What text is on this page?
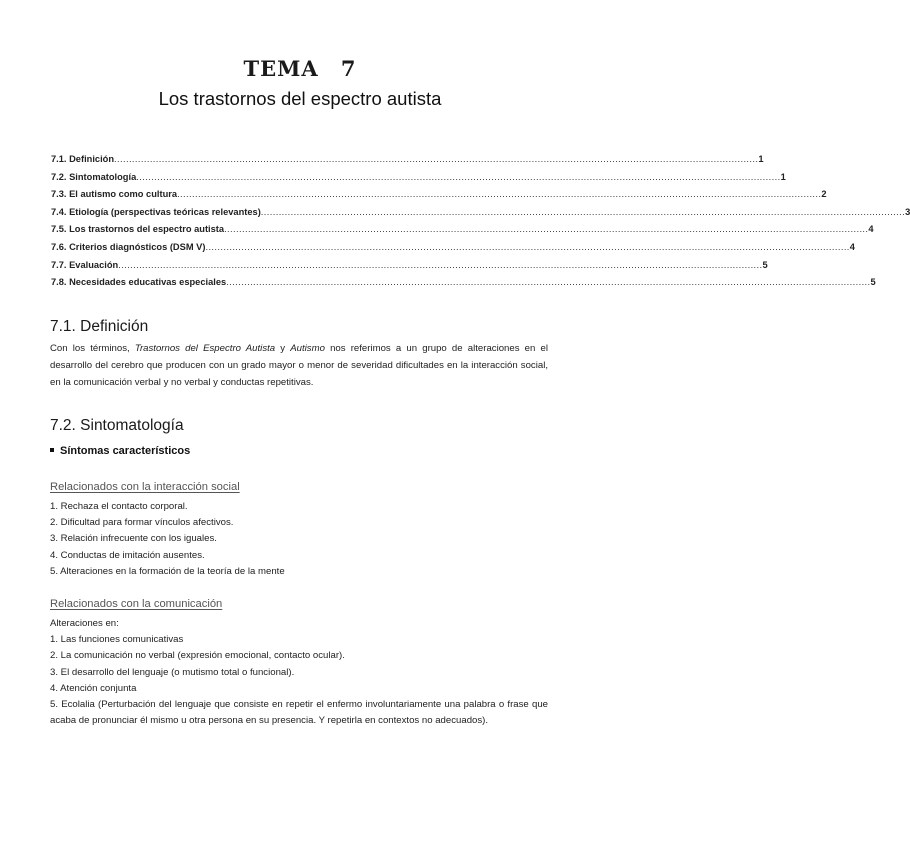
TEMA 7
Los trastornos del espectro autista
7.1. Definición ........................................................................................................................................................................................................................ 1
7.2. Sintomatología ........................................................................................................................................................................................................................ 1
7.3. El autismo como cultura ........................................................................................................................................................................................................................ 2
7.4. Etiología (perspectivas teóricas relevantes) ........................................................................................................................................................................................................................ 3
7.5. Los trastornos del espectro autista ........................................................................................................................................................................................................................ 4
7.6. Criterios diagnósticos (DSM V) ........................................................................................................................................................................................................................ 4
7.7. Evaluación ........................................................................................................................................................................................................................ 5
7.8. Necesidades educativas especiales ........................................................................................................................................................................................................................ 5
7.1. Definición

Con los términos, Trastornos del Espectro Autista y Autismo nos referimos a un grupo de alteraciones en el desarrollo del cerebro que producen con un grado mayor o menor de severidad dificultades en la interacción social, en la comunicación verbal y no verbal y conductas repetitivas.

7.2. Sintomatología
Síntomas característicos
Relacionados con la interacción social
1. Rechaza el contacto corporal.
2. Dificultad para formar vínculos afectivos.
3. Relación infrecuente con los iguales.
4. Conductas de imitación ausentes.
5. Alteraciones en la formación de la teoría de la mente
Relacionados con la comunicación
Alteraciones en:
1. Las funciones comunicativas
2. La comunicación no verbal (expresión emocional, contacto ocular).
3. El desarrollo del lenguaje (o mutismo total o funcional).
4. Atención conjunta
5. Ecolalia (Perturbación del lenguaje que consiste en repetir el enfermo involuntariamente una palabra o frase que acaba de pronunciar él mismo u otra persona en su presencia. Y repetirla en contextos no adecuados).
